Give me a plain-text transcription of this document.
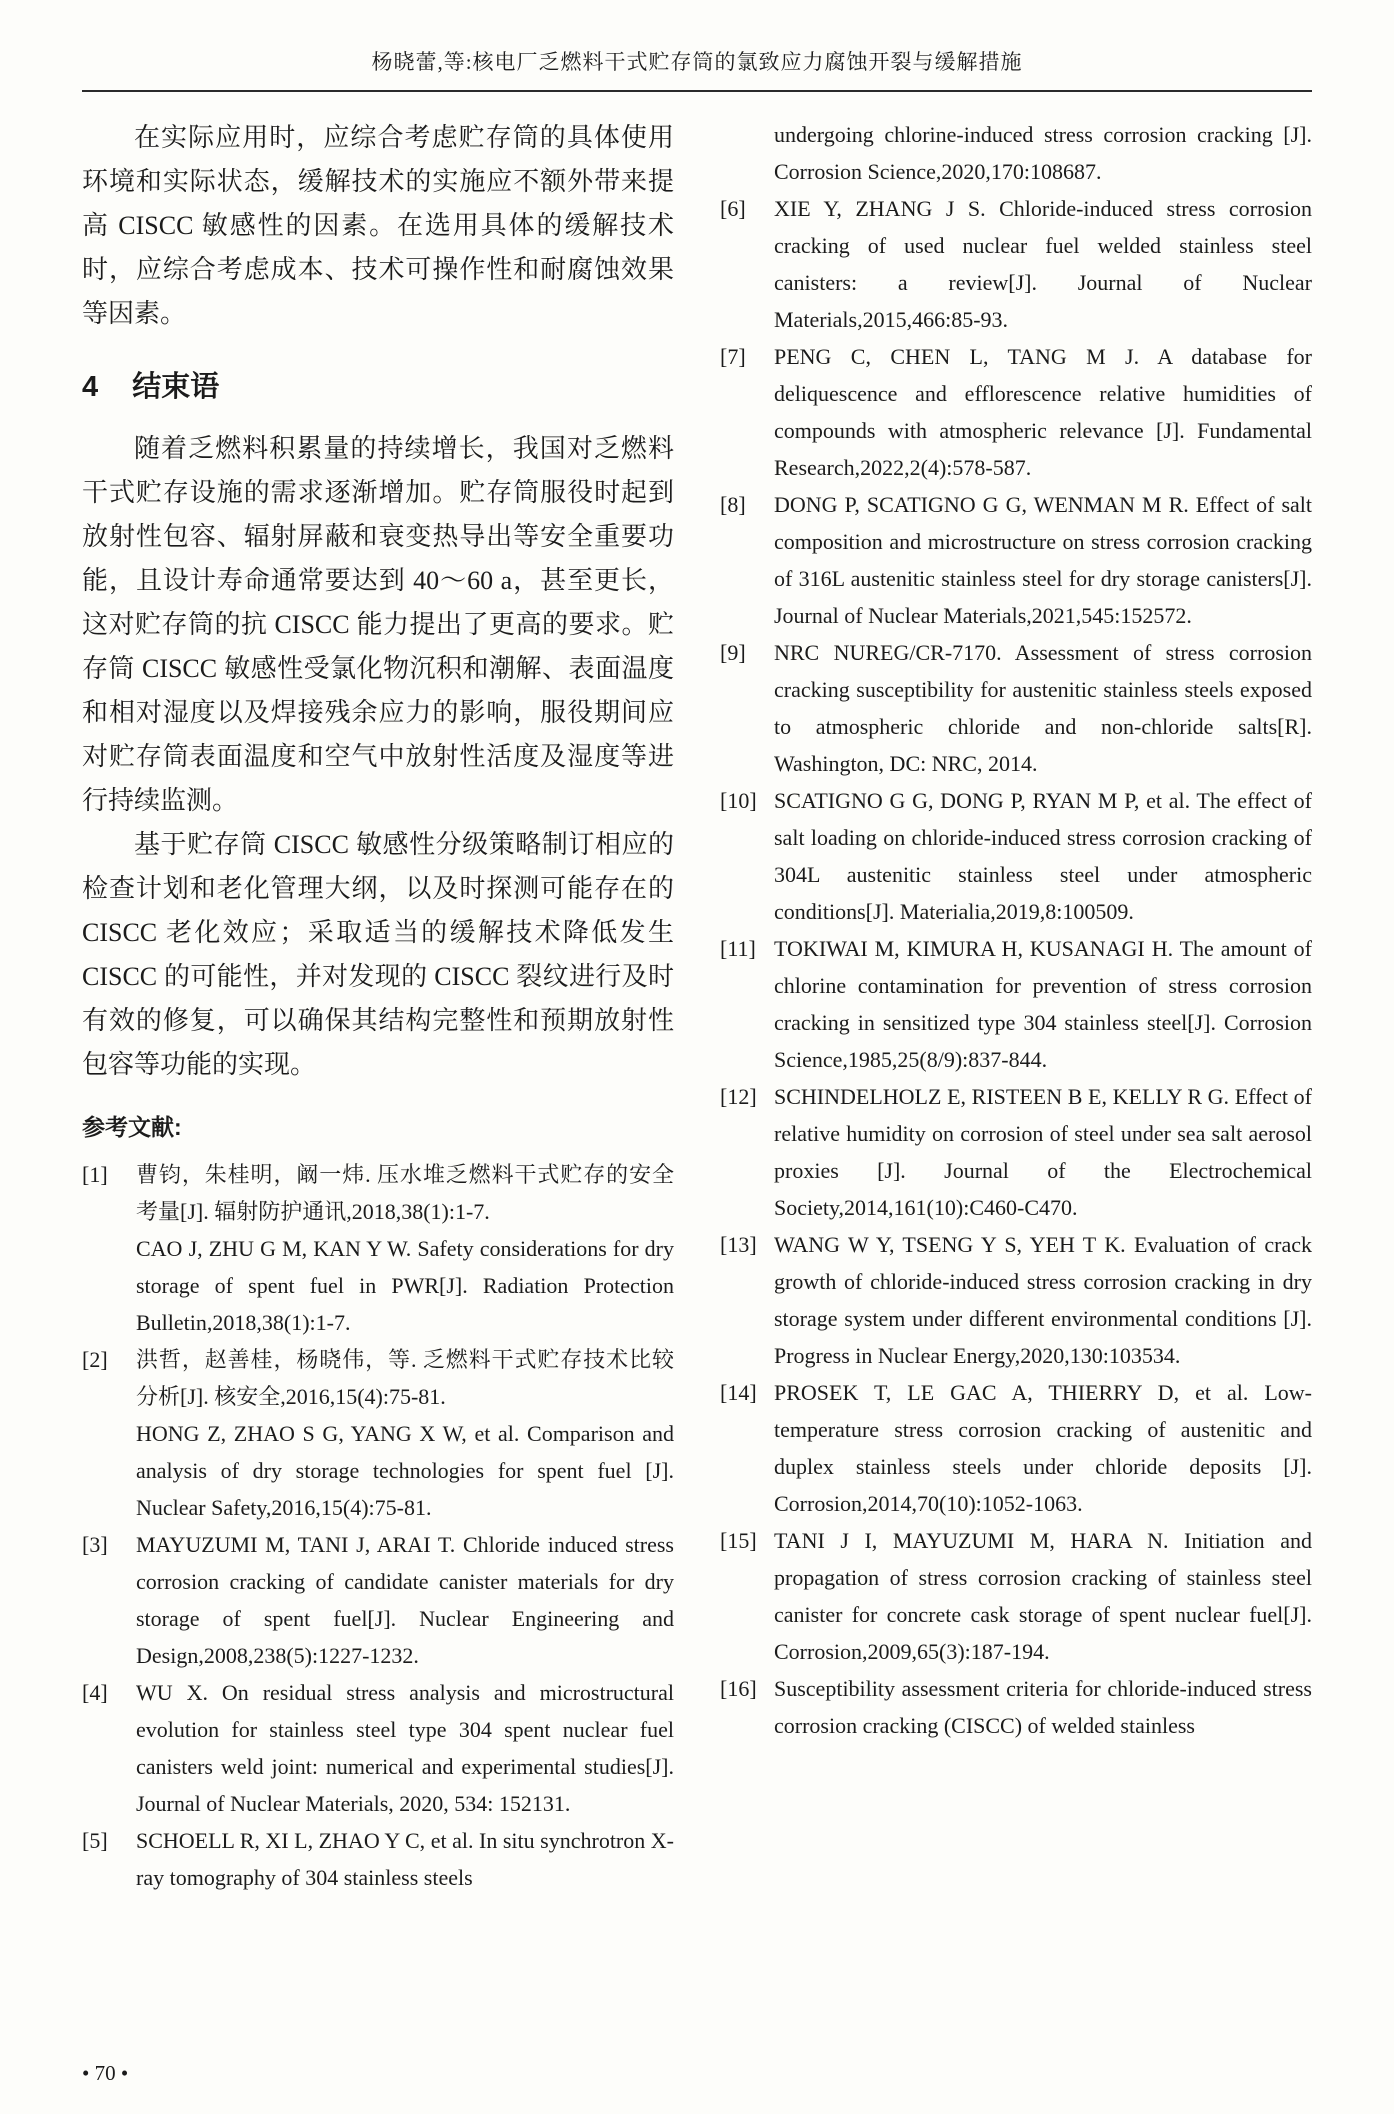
杨晓蕾,等:核电厂乏燃料干式贮存筒的氯致应力腐蚀开裂与缓解措施

在实际应用时，应综合考虑贮存筒的具体使用环境和实际状态，缓解技术的实施应不额外带来提高 CISCC 敏感性的因素。在选用具体的缓解技术时，应综合考虑成本、技术可操作性和耐腐蚀效果等因素。

4 结束语

随着乏燃料积累量的持续增长，我国对乏燃料干式贮存设施的需求逐渐增加。贮存筒服役时起到放射性包容、辐射屏蔽和衰变热导出等安全重要功能，且设计寿命通常要达到 40～60 a，甚至更长，这对贮存筒的抗 CISCC 能力提出了更高的要求。贮存筒 CISCC 敏感性受氯化物沉积和潮解、表面温度和相对湿度以及焊接残余应力的影响，服役期间应对贮存筒表面温度和空气中放射性活度及湿度等进行持续监测。

基于贮存筒 CISCC 敏感性分级策略制订相应的检查计划和老化管理大纲，以及时探测可能存在的 CISCC 老化效应；采取适当的缓解技术降低发生 CISCC 的可能性，并对发现的 CISCC 裂纹进行及时有效的修复，可以确保其结构完整性和预期放射性包容等功能的实现。

参考文献:
[1]	曹钧，朱桂明，阚一炜. 压水堆乏燃料干式贮存的安全考量[J]. 辐射防护通讯,2018,38(1):1-7.
CAO J, ZHU G M, KAN Y W. Safety considerations for dry storage of spent fuel in PWR[J]. Radiation Protection Bulletin,2018,38(1):1-7.
[2]	洪哲，赵善桂，杨晓伟，等. 乏燃料干式贮存技术比较分析[J]. 核安全,2016,15(4):75-81.
HONG Z, ZHAO S G, YANG X W, et al. Comparison and analysis of dry storage technologies for spent fuel [J]. Nuclear Safety,2016,15(4):75-81.
[3]	MAYUZUMI M, TANI J, ARAI T. Chloride induced stress corrosion cracking of candidate canister materials for dry storage of spent fuel[J]. Nuclear Engineering and Design,2008,238(5):1227-1232.
[4]	WU X. On residual stress analysis and microstructural evolution for stainless steel type 304 spent nuclear fuel canisters weld joint: numerical and experimental studies[J]. Journal of Nuclear Materials, 2020, 534: 152131.
[5]	SCHOELL R, XI L, ZHAO Y C, et al. In situ synchrotron X-ray tomography of 304 stainless steels

undergoing chlorine-induced stress corrosion cracking [J]. Corrosion Science,2020,170:108687.

[6]	XIE Y, ZHANG J S. Chloride-induced stress corrosion cracking of used nuclear fuel welded stainless steel canisters: a review[J]. Journal of Nuclear Materials,2015,466:85-93.
[7]	PENG C, CHEN L, TANG M J. A database for deliquescence and efflorescence relative humidities of compounds with atmospheric relevance [J]. Fundamental Research,2022,2(4):578-587.
[8]	DONG P, SCATIGNO G G, WENMAN M R. Effect of salt composition and microstructure on stress corrosion cracking of 316L austenitic stainless steel for dry storage canisters[J]. Journal of Nuclear Materials,2021,545:152572.
[9]	NRC NUREG/CR-7170. Assessment of stress corrosion cracking susceptibility for austenitic stainless steels exposed to atmospheric chloride and non-chloride salts[R]. Washington, DC: NRC, 2014.
[10] SCATIGNO G G, DONG P, RYAN M P, et al. The effect of salt loading on chloride-induced stress corrosion cracking of 304L austenitic stainless steel under atmospheric conditions[J]. Materialia,2019,8:100509.
[11] TOKIWAI M, KIMURA H, KUSANAGI H. The amount of chlorine contamination for prevention of stress corrosion cracking in sensitized type 304 stainless steel[J]. Corrosion Science,1985,25(8/9):837-844.
[12] SCHINDELHOLZ E, RISTEEN B E, KELLY R G. Effect of relative humidity on corrosion of steel under sea salt aerosol proxies [J]. Journal of the Electrochemical Society,2014,161(10):C460-C470.
[13] WANG W Y, TSENG Y S, YEH T K. Evaluation of crack growth of chloride-induced stress corrosion cracking in dry storage system under different environmental conditions [J]. Progress in Nuclear Energy,2020,130:103534.
[14] PROSEK T, LE GAC A, THIERRY D, et al. Low-temperature stress corrosion cracking of austenitic and duplex stainless steels under chloride deposits [J]. Corrosion,2014,70(10):1052-1063.
[15] TANI J I, MAYUZUMI M, HARA N. Initiation and propagation of stress corrosion cracking of stainless steel canister for concrete cask storage of spent nuclear fuel[J]. Corrosion,2009,65(3):187-194.
[16] Susceptibility assessment criteria for chloride-induced stress corrosion cracking (CISCC) of welded stainless
• 70 •
